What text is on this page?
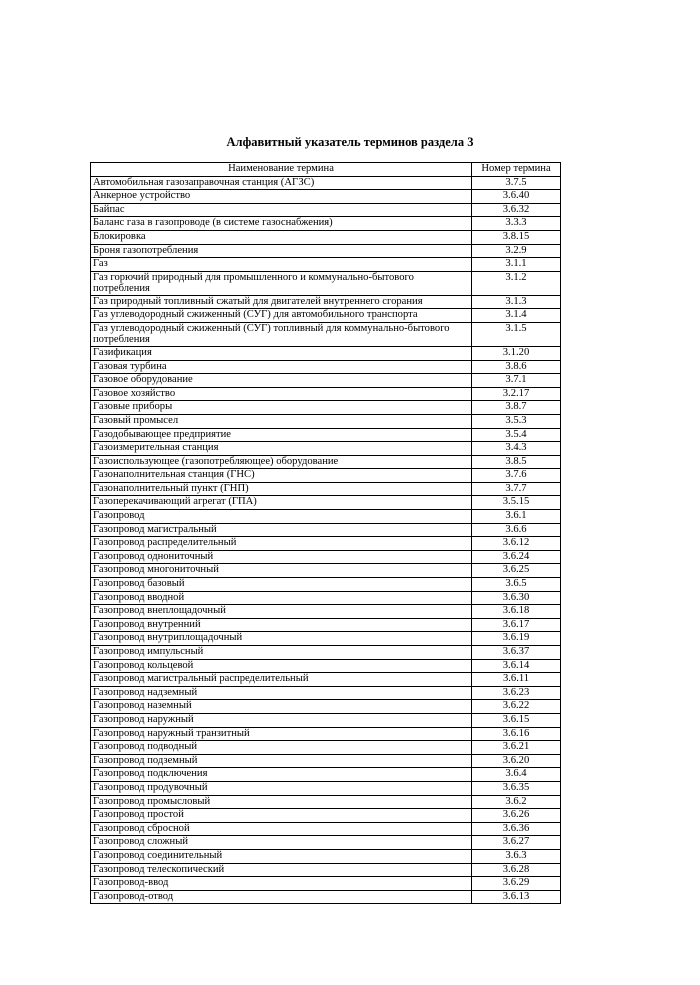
Алфавитный указатель терминов раздела 3
Наименование термина	Номер термина
Автомобильная газозаправочная станция (АГЗС)	3.7.5
Анкерное устройство	3.6.40
Байпас	3.6.32
Баланс газа в газопроводе (в системе газоснабжения)	3.3.3
Блокировка	3.8.15
Броня газопотребления	3.2.9
Газ	3.1.1
Газ горючий природный для промышленного и коммунально-бытового потребления	3.1.2
Газ природный топливный сжатый для двигателей внутреннего сгорания	3.1.3
Газ углеводородный сжиженный (СУГ) для автомобильного транспорта	3.1.4
Газ углеводородный сжиженный (СУГ) топливный для коммунально-бытового потребления	3.1.5
Газификация	3.1.20
Газовая турбина	3.8.6
Газовое оборудование	3.7.1
Газовое хозяйство	3.2.17
Газовые приборы	3.8.7
Газовый промысел	3.5.3
Газодобывающее предприятие	3.5.4
Газоизмерительная станция	3.4.3
Газоиспользующее (газопотребляющее) оборудование	3.8.5
Газонаполнительная станция (ГНС)	3.7.6
Газонаполнительный пункт (ГНП)	3.7.7
Газоперекачивающий агрегат (ГПА)	3.5.15
Газопровод	3.6.1
Газопровод магистральный	3.6.6
Газопровод распределительный	3.6.12
Газопровод однониточный	3.6.24
Газопровод многониточный	3.6.25
Газопровод базовый	3.6.5
Газопровод вводной	3.6.30
Газопровод внеплощадочный	3.6.18
Газопровод внутренний	3.6.17
Газопровод внутриплощадочный	3.6.19
Газопровод импульсный	3.6.37
Газопровод кольцевой	3.6.14
Газопровод магистральный распределительный	3.6.11
Газопровод надземный	3.6.23
Газопровод наземный	3.6.22
Газопровод наружный	3.6.15
Газопровод наружный транзитный	3.6.16
Газопровод подводный	3.6.21
Газопровод подземный	3.6.20
Газопровод подключения	3.6.4
Газопровод продувочный	3.6.35
Газопровод промысловый	3.6.2
Газопровод простой	3.6.26
Газопровод сбросной	3.6.36
Газопровод сложный	3.6.27
Газопровод соединительный	3.6.3
Газопровод телескопический	3.6.28
Газопровод-ввод	3.6.29
Газопровод-отвод	3.6.13
